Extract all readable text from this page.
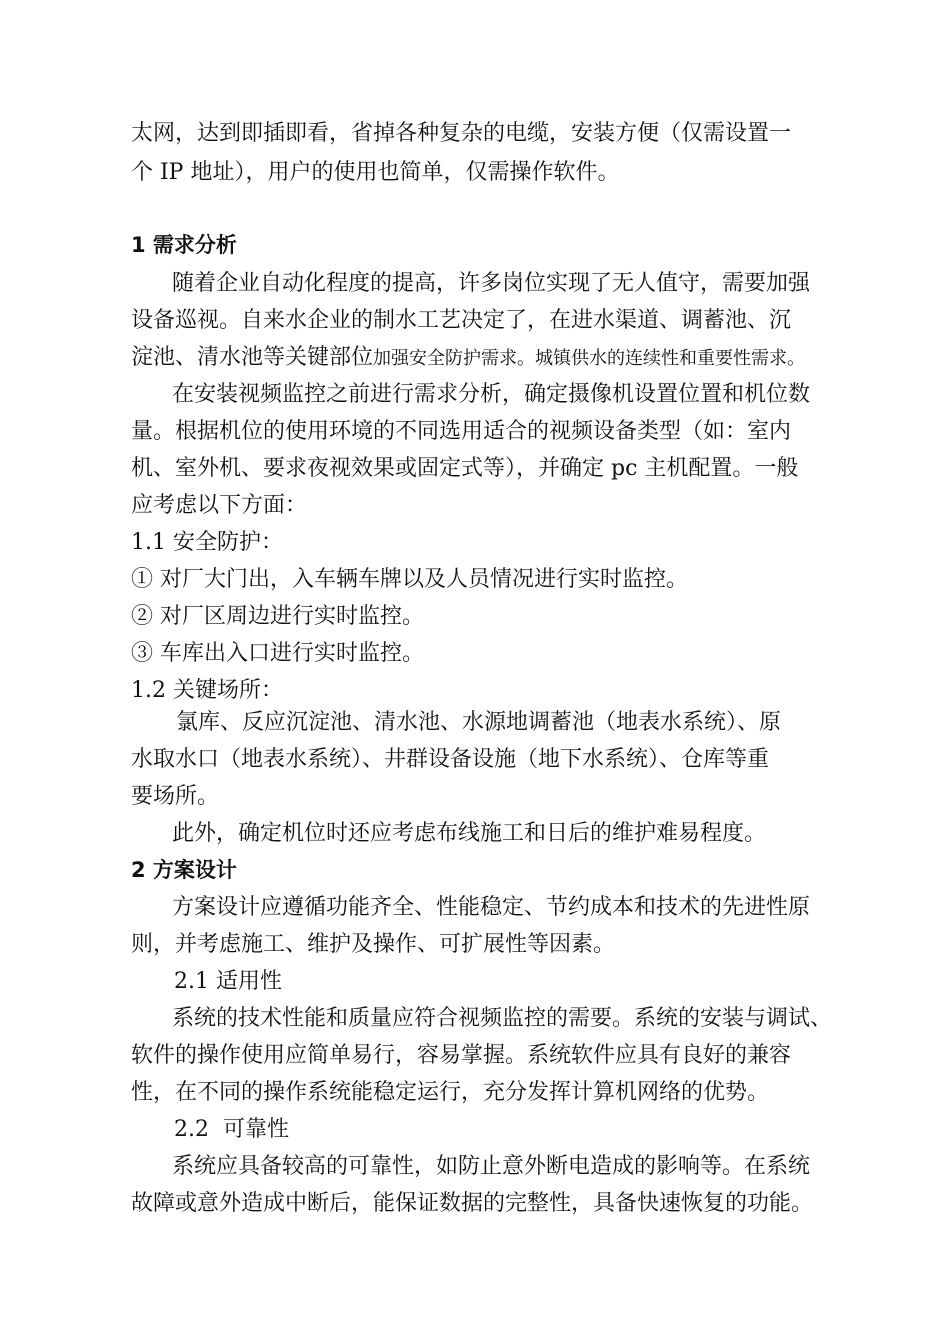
太网，达到即插即看，省掉各种复杂的电缆，安装方便（仅需设置一
个 IP 地址），用户的使用也简单，仅需操作软件。
1 需求分析
随着企业自动化程度的提高，许多岗位实现了无人值守，需要加强
设备巡视。自来水企业的制水工艺决定了，在进水渠道、调蓄池、沉
淀池、清水池等关键部位加强安全防护需求。城镇供水的连续性和重要性需求。
在安装视频监控之前进行需求分析，确定摄像机设置位置和机位数
量。根据机位的使用环境的不同选用适合的视频设备类型（如：室内
机、室外机、要求夜视效果或固定式等），并确定 pc 主机配置。一般
应考虑以下方面：
1.1 安全防护：
① 对厂大门出，入车辆车牌以及人员情况进行实时监控。
② 对厂区周边进行实时监控。
③ 车库出入口进行实时监控。
1.2 关键场所：
氯库、反应沉淀池、清水池、水源地调蓄池（地表水系统）、原
水取水口（地表水系统）、井群设备设施（地下水系统）、仓库等重
要场所。
此外，确定机位时还应考虑布线施工和日后的维护难易程度。
2 方案设计
方案设计应遵循功能齐全、性能稳定、节约成本和技术的先进性原
则，并考虑施工、维护及操作、可扩展性等因素。
2.1 适用性
系统的技术性能和质量应符合视频监控的需要。系统的安装与调试、
软件的操作使用应简单易行，容易掌握。系统软件应具有良好的兼容
性，在不同的操作系统能稳定运行，充分发挥计算机网络的优势。
2.2  可靠性
系统应具备较高的可靠性，如防止意外断电造成的影响等。在系统
故障或意外造成中断后，能保证数据的完整性，具备快速恢复的功能。
